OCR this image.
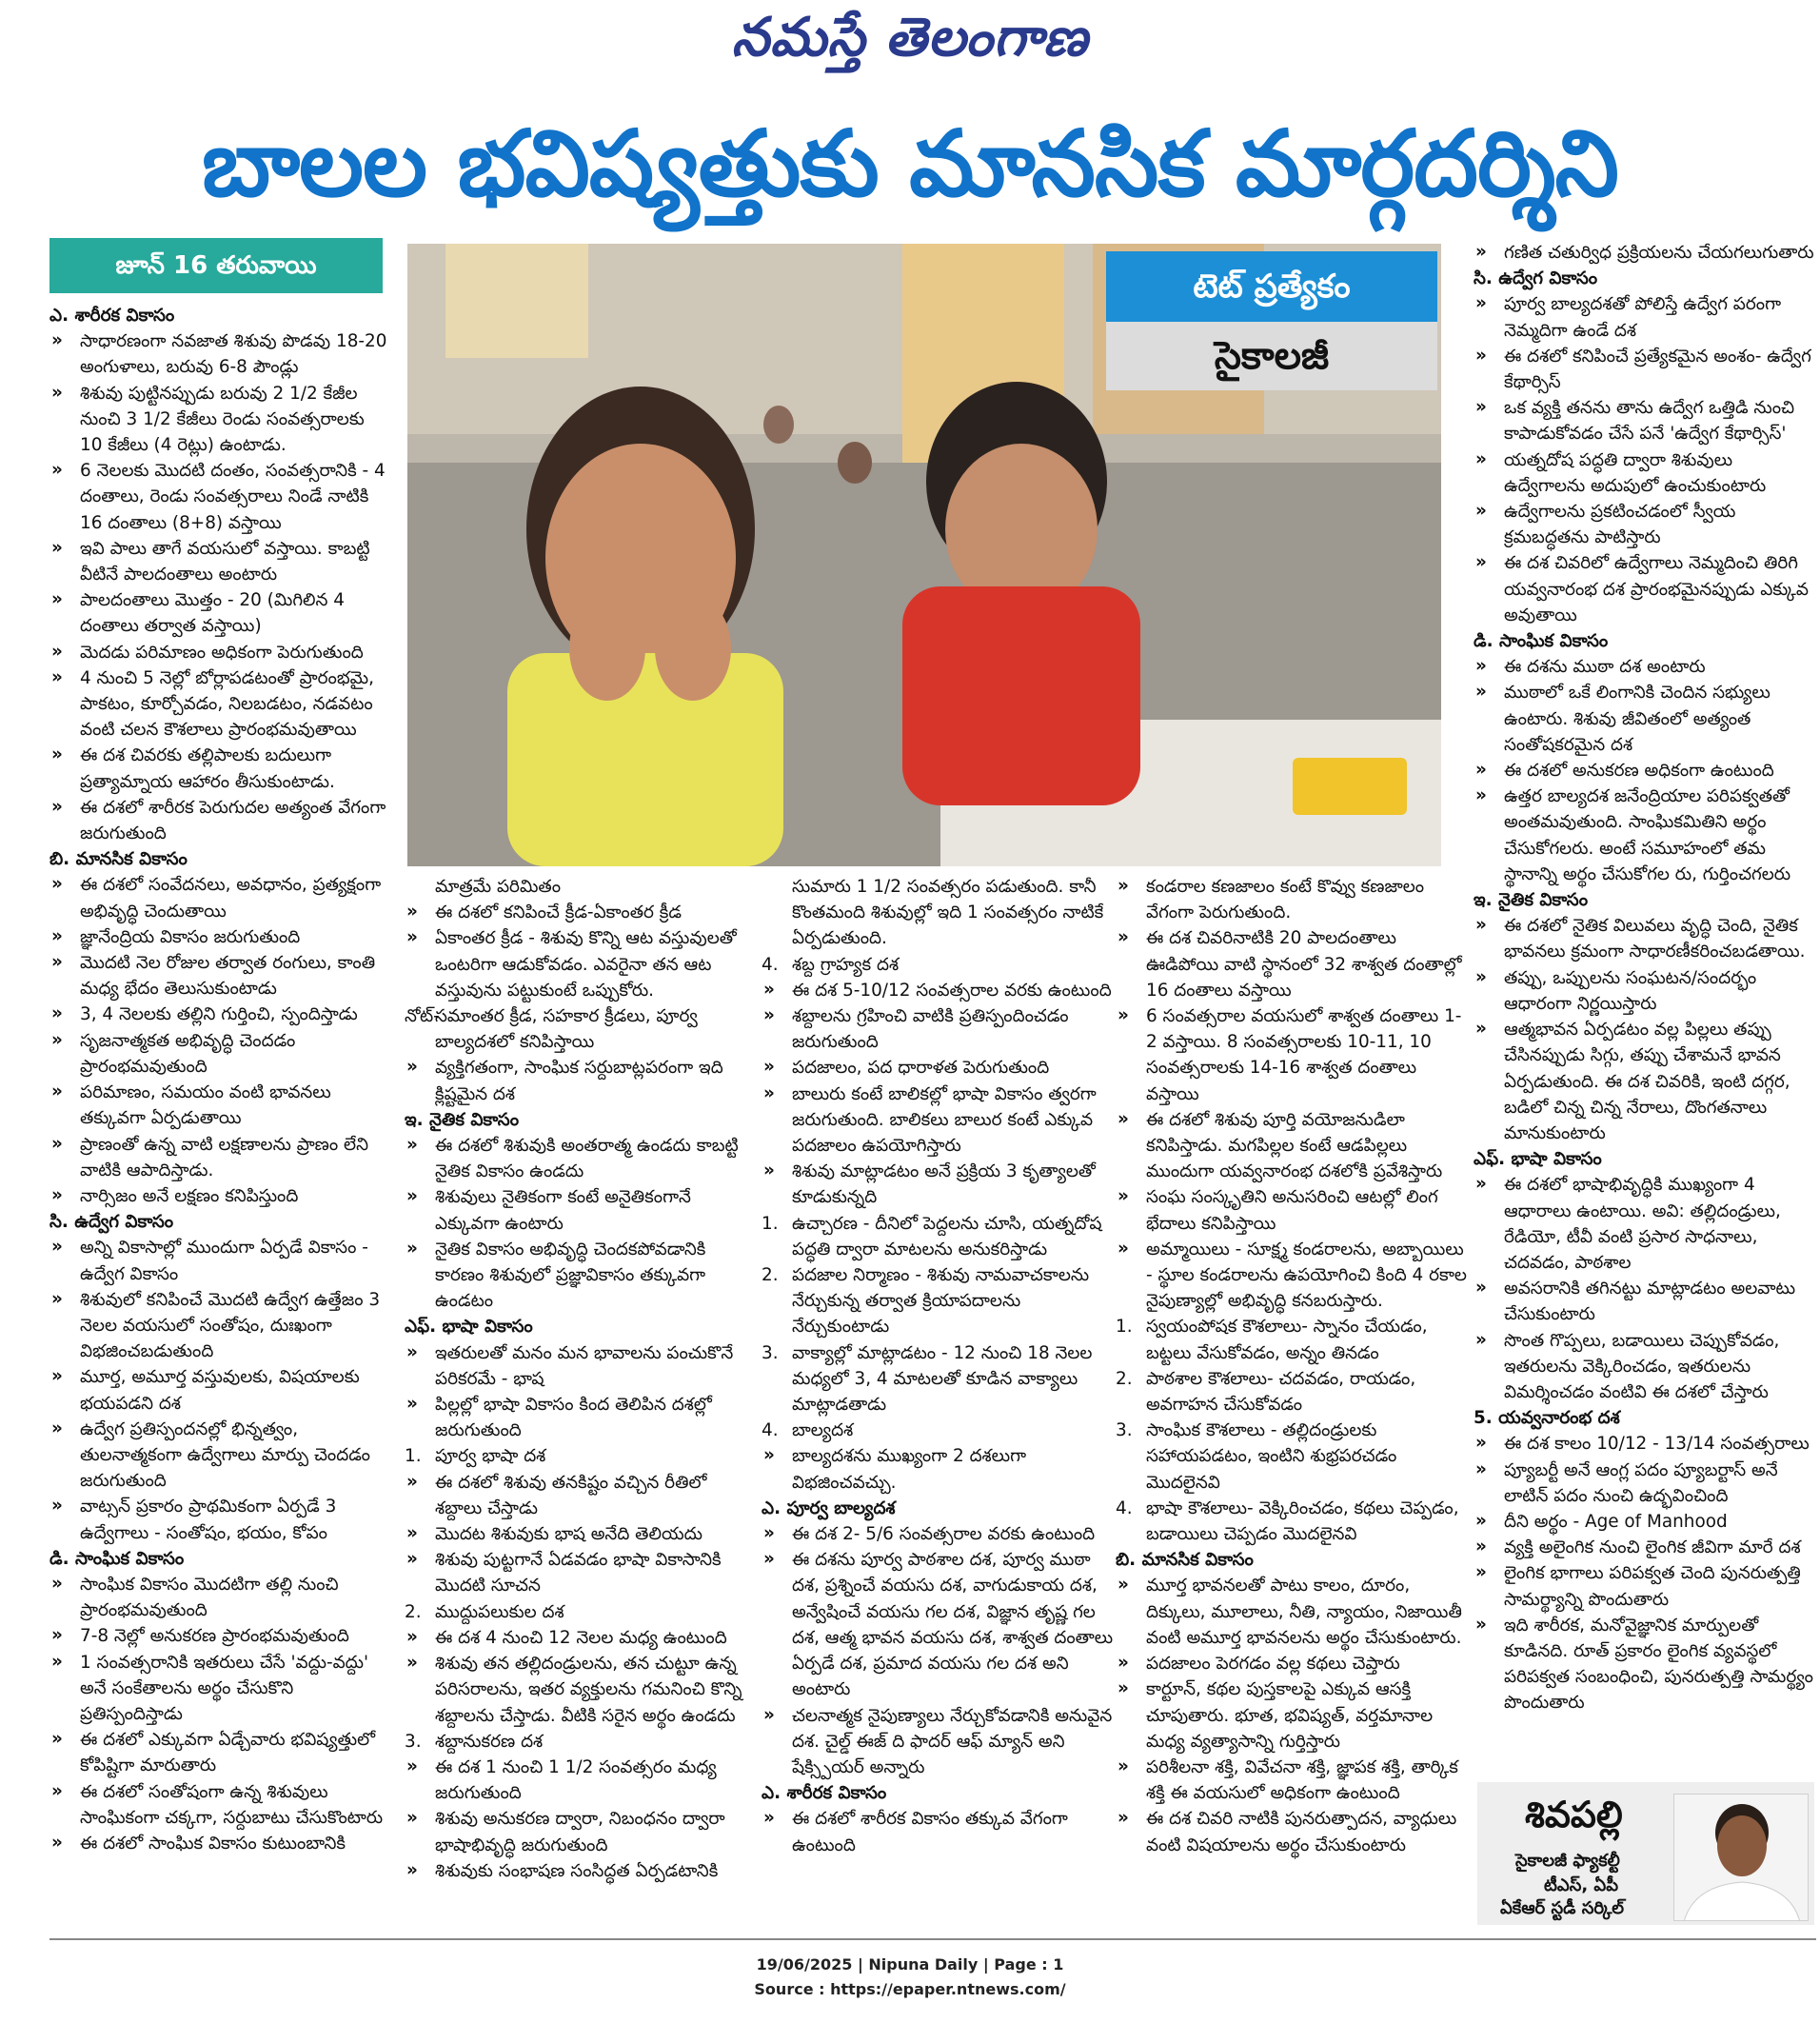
నమస్తే తెలంగాణ
బాలల భవిష్యత్తుకు మానసిక మార్గదర్శిని
జూన్ 16 తరువాయి
టెట్ ప్రత్యేకం
సైకాలజీ
ఎ. శారీరక వికాసం
» సాధారణంగా నవజాత శిశువు పొడవు 18-20 అంగుళాలు, బరువు 6-8 పౌండ్లు
» శిశువు పుట్టినప్పుడు బరువు 2 1/2 కేజీల నుంచి 3 1/2 కేజీలు రెండు సంవత్సరాలకు 10 కేజీలు (4 రెట్లు) ఉంటాడు.
» 6 నెలలకు మొదటి దంతం, సంవత్సరానికి - 4 దంతాలు, రెండు సంవత్సరాలు నిండే నాటికి 16 దంతాలు (8+8) వస్తాయి
» ఇవి పాలు తాగే వయసులో వస్తాయి. కాబట్టి వీటినే పాలదంతాలు అంటారు
» పాలదంతాలు మొత్తం - 20 (మిగిలిన 4 దంతాలు తర్వాత వస్తాయి)
» మెదడు పరిమాణం అధికంగా పెరుగుతుంది
» 4 నుంచి 5 నెల్లో బోర్లాపడటంతో ప్రారంభమై, పాకటం, కూర్చోవడం, నిలబడటం, నడవటం వంటి చలన కౌశలాలు ప్రారంభమవుతాయి
» ఈ దశ చివరకు తల్లిపాలకు బదులుగా ప్రత్యామ్నాయ ఆహారం తీసుకుంటాడు.
» ఈ దశలో శారీరక పెరుగుదల అత్యంత వేగంగా జరుగుతుంది
బి. మానసిక వికాసం
» ఈ దశలో సంవేదనలు, అవధానం, ప్రత్యక్షంగా అభివృద్ధి చెందుతాయి
» జ్ఞానేంద్రియ వికాసం జరుగుతుంది
» మొదటి నెల రోజుల తర్వాత రంగులు, కాంతి మధ్య భేదం తెలుసుకుంటాడు
» 3, 4 నెలలకు తల్లిని గుర్తించి, స్పందిస్తాడు
» సృజనాత్మకత అభివృద్ధి చెందడం ప్రారంభమవుతుంది
» పరిమాణం, సమయం వంటి భావనలు తక్కువగా ఏర్పడుతాయి
» ప్రాణంతో ఉన్న వాటి లక్షణాలను ప్రాణం లేని వాటికి ఆపాదిస్తాడు.
» నార్సిజం అనే లక్షణం కనిపిస్తుంది
సి. ఉద్వేగ వికాసం
» అన్ని వికాసాల్లో ముందుగా ఏర్పడే వికాసం - ఉద్వేగ వికాసం
» శిశువులో కనిపించే మొదటి ఉద్వేగ ఉత్తేజం 3 నెలల వయసులో సంతోషం, దుఃఖంగా విభజించబడుతుంది
» మూర్త, అమూర్త వస్తువులకు, విషయాలకు భయపడని దశ
» ఉద్వేగ ప్రతిస్పందనల్లో భిన్నత్వం, తులనాత్మకంగా ఉద్వేగాలు మార్పు చెందడం జరుగుతుంది
» వాట్సన్ ప్రకారం ప్రాథమికంగా ఏర్పడే 3 ఉద్వేగాలు - సంతోషం, భయం, కోపం
డి. సాంఘిక వికాసం
» సాంఘిక వికాసం మొదటిగా తల్లి నుంచి ప్రారంభమవుతుంది
» 7-8 నెల్లో అనుకరణ ప్రారంభమవుతుంది
» 1 సంవత్సరానికి ఇతరులు చేసే 'వద్దు-వద్దు' అనే సంకేతాలను అర్థం చేసుకొని ప్రతిస్పందిస్తాడు
» ఈ దశలో ఎక్కువగా ఏడ్చేవారు భవిష్యత్తులో కోపిష్టిగా మారుతారు
» ఈ దశలో సంతోషంగా ఉన్న శిశువులు సాంఘికంగా చక్కగా, సర్దుబాటు చేసుకొంటారు
» ఈ దశలో సాంఘిక వికాసం కుటుంబానికి
మాత్రమే పరిమితం
» ఈ దశలో కనిపించే క్రీడ-ఏకాంతర క్రీడ
» ఏకాంతర క్రీడ - శిశువు కొన్ని ఆట వస్తువులతో ఒంటరిగా ఆడుకోవడం. ఎవరైనా తన ఆట వస్తువును పట్టుకుంటే ఒప్పుకోరు.
నోట్-
సమాంతర క్రీడ, సహకార క్రీడలు, పూర్వ బాల్యదశలో కనిపిస్తాయి
» వ్యక్తిగతంగా, సాంఘిక సర్దుబాట్లపరంగా ఇది క్లిష్టమైన దశ
ఇ. నైతిక వికాసం
» ఈ దశలో శిశువుకి అంతరాత్మ ఉండదు కాబట్టి నైతిక వికాసం ఉండదు
» శిశువులు నైతికంగా కంటే అనైతికంగానే ఎక్కువగా ఉంటారు
» నైతిక వికాసం అభివృద్ధి చెందకపోవడానికి కారణం శిశువులో ప్రజ్ఞావికాసం తక్కువగా ఉండటం
ఎఫ్. భాషా వికాసం
» ఇతరులతో మనం మన భావాలను పంచుకొనే పరికరమే - భాష
» పిల్లల్లో భాషా వికాసం కింద తెలిపిన దశల్లో జరుగుతుంది
1. పూర్వ భాషా దశ
» ఈ దశలో శిశువు తనకిష్టం వచ్చిన రీతిలో శబ్దాలు చేస్తాడు
» మొదట శిశువుకు భాష అనేది తెలియదు
» శిశువు పుట్టగానే ఏడవడం భాషా వికాసానికి మొదటి సూచన
2. ముద్దుపలుకుల దశ
» ఈ దశ 4 నుంచి 12 నెలల మధ్య ఉంటుంది
» శిశువు తన తల్లిదండ్రులను, తన చుట్టూ ఉన్న పరిసరాలను, ఇతర వ్యక్తులను గమనించి కొన్ని శబ్దాలను చేస్తాడు. వీటికి సరైన అర్థం ఉండదు
3. శబ్దానుకరణ దశ
» ఈ దశ 1 నుంచి 1 1/2 సంవత్సరం మధ్య జరుగుతుంది
» శిశువు అనుకరణ ద్వారా, నిబంధనం ద్వారా భాషాభివృద్ధి జరుగుతుంది
» శిశువుకు సంభాషణ సంసిద్ధత ఏర్పడటానికి
సుమారు 1 1/2 సంవత్సరం పడుతుంది. కానీ కొంతమంది శిశువుల్లో ఇది 1 సంవత్సరం నాటికే ఏర్పడుతుంది.
4. శబ్ద గ్రాహ్యక దశ
» ఈ దశ 5-10/12 సంవత్సరాల వరకు ఉంటుంది
» శబ్దాలను గ్రహించి వాటికి ప్రతిస్పందించడం జరుగుతుంది
» పదజాలం, పద ధారాళత పెరుగుతుంది
» బాలురు కంటే బాలికల్లో భాషా వికాసం త్వరగా జరుగుతుంది. బాలికలు బాలుర కంటే ఎక్కువ పదజాలం ఉపయోగిస్తారు
» శిశువు మాట్లాడటం అనే ప్రక్రియ 3 కృత్యాలతో కూడుకున్నది
1. ఉచ్చారణ - దీనిలో పెద్దలను చూసి, యత్నదోష పద్ధతి ద్వారా మాటలను అనుకరిస్తాడు
2. పదజాల నిర్మాణం - శిశువు నామవాచకాలను నేర్చుకున్న తర్వాత క్రియాపదాలను నేర్చుకుంటాడు
3. వాక్యాల్లో మాట్లాడటం - 12 నుంచి 18 నెలల మధ్యలో 3, 4 మాటలతో కూడిన వాక్యాలు మాట్లాడతాడు
4. బాల్యదశ
» బాల్యదశను ముఖ్యంగా 2 దశలుగా విభజించవచ్చు.
ఎ. పూర్వ బాల్యదశ
» ఈ దశ 2- 5/6 సంవత్సరాల వరకు ఉంటుంది
» ఈ దశను పూర్వ పాఠశాల దశ, పూర్వ ముఠా దశ, ప్రశ్నించే వయసు దశ, వాగుడుకాయ దశ, అన్వేషించే వయసు గల దశ, విజ్ఞాన తృష్ణ గల దశ, ఆత్మ భావన వయసు దశ, శాశ్వత దంతాలు ఏర్పడే దశ, ప్రమాద వయసు గల దశ అని అంటారు
» చలనాత్మక నైపుణ్యాలు నేర్చుకోవడానికి అనువైన దశ. చైల్డ్ ఈజ్ ది ఫాదర్ ఆఫ్ మ్యాన్ అని షేక్స్పియర్ అన్నారు
ఎ. శారీరక వికాసం
» ఈ దశలో శారీరక వికాసం తక్కువ వేగంగా ఉంటుంది
» కండరాల కణజాలం కంటే కొవ్వు కణజాలం వేగంగా పెరుగుతుంది.
» ఈ దశ చివరినాటికి 20 పాలదంతాలు ఊడిపోయి వాటి స్థానంలో 32 శాశ్వత దంతాల్లో 16 దంతాలు వస్తాయి
» 6 సంవత్సరాల వయసులో శాశ్వత దంతాలు 1-2 వస్తాయి. 8 సంవత్సరాలకు 10-11, 10 సంవత్సరాలకు 14-16 శాశ్వత దంతాలు వస్తాయి
» ఈ దశలో శిశువు పూర్తి వయోజనుడిలా కనిపిస్తాడు. మగపిల్లల కంటే ఆడపిల్లలు ముందుగా యవ్వనారంభ దశలోకి ప్రవేశిస్తారు
» సంఘ సంస్కృతిని అనుసరించి ఆటల్లో లింగ భేదాలు కనిపిస్తాయి
» అమ్మాయిలు - సూక్ష్మ కండరాలను, అబ్బాయిలు - స్థూల కండరాలను ఉపయోగించి కింది 4 రకాల నైపుణ్యాల్లో అభివృద్ధి కనబరుస్తారు.
1. స్వయంపోషక కౌశలాలు- స్నానం చేయడం, బట్టలు వేసుకోవడం, అన్నం తినడం
2. పాఠశాల కౌశలాలు- చదవడం, రాయడం, అవగాహన చేసుకోవడం
3. సాంఘిక కౌశలాలు - తల్లిదండ్రులకు సహాయపడటం, ఇంటిని శుభ్రపరచడం మొదలైనవి
4. భాషా కౌశలాలు- వెక్కిరించడం, కథలు చెప్పడం, బడాయిలు చెప్పడం మొదలైనవి
బి. మానసిక వికాసం
» మూర్త భావనలతో పాటు కాలం, దూరం, దిక్కులు, మూలాలు, నీతి, న్యాయం, నిజాయితీ వంటి అమూర్త భావనలను అర్థం చేసుకుంటారు.
» పదజాలం పెరగడం వల్ల కథలు చెప్తారు
» కార్టూన్, కథల పుస్తకాలపై ఎక్కువ ఆసక్తి చూపుతారు. భూత, భవిష్యత్, వర్తమానాల మధ్య వ్యత్యాసాన్ని గుర్తిస్తారు
» పరిశీలనా శక్తి, వివేచనా శక్తి, జ్ఞాపక శక్తి, తార్కిక శక్తి ఈ వయసులో అధికంగా ఉంటుంది
» ఈ దశ చివరి నాటికి పునరుత్పాదన, వ్యాధులు వంటి విషయాలను అర్థం చేసుకుంటారు
» గణిత చతుర్విధ ప్రక్రియలను చేయగలుగుతారు
సి. ఉద్వేగ వికాసం
» పూర్వ బాల్యదశతో పోలిస్తే ఉద్వేగ పరంగా నెమ్మదిగా ఉండే దశ
» ఈ దశలో కనిపించే ప్రత్యేకమైన అంశం- ఉద్వేగ కేథార్సిస్
» ఒక వ్యక్తి తనను తాను ఉద్వేగ ఒత్తిడి నుంచి కాపాడుకోవడం చేసే పనే 'ఉద్వేగ కేథార్సిస్'
» యత్నదోష పద్ధతి ద్వారా శిశువులు ఉద్వేగాలను అదుపులో ఉంచుకుంటారు
» ఉద్వేగాలను ప్రకటించడంలో స్వీయ క్రమబద్ధతను పాటిస్తారు
» ఈ దశ చివరిలో ఉద్వేగాలు నెమ్మదించి తిరిగి యవ్వనారంభ దశ ప్రారంభమైనప్పుడు ఎక్కువ అవుతాయి
డి. సాంఘిక వికాసం
» ఈ దశను ముఠా దశ అంటారు
» ముఠాలో ఒకే లింగానికి చెందిన సభ్యులు ఉంటారు. శిశువు జీవితంలో అత్యంత సంతోషకరమైన దశ
» ఈ దశలో అనుకరణ అధికంగా ఉంటుంది
» ఉత్తర బాల్యదశ జనేంద్రియాల పరిపక్వతతో అంతమవుతుంది. సాంఘికమితిని అర్థం చేసుకోగలరు. అంటే సమూహంలో తమ స్థానాన్ని అర్థం చేసుకోగల రు, గుర్తించగలరు
ఇ. నైతిక వికాసం
» ఈ దశలో నైతిక విలువలు వృద్ధి చెంది, నైతిక భావనలు క్రమంగా సాధారణీకరించబడతాయి.
» తప్పు, ఒప్పులను సంఘటన/సందర్భం ఆధారంగా నిర్ణయిస్తారు
» ఆత్మభావన ఏర్పడటం వల్ల పిల్లలు తప్పు చేసినప్పుడు సిగ్గు, తప్పు చేశామనే భావన ఏర్పడుతుంది. ఈ దశ చివరికి, ఇంటి దగ్గర, బడిలో చిన్న చిన్న నేరాలు, దొంగతనాలు మానుకుంటారు
ఎఫ్. భాషా వికాసం
» ఈ దశలో భాషాభివృద్ధికి ముఖ్యంగా 4 ఆధారాలు ఉంటాయి. అవి: తల్లిదండ్రులు, రేడియో, టీవీ వంటి ప్రసార సాధనాలు, చదవడం, పాఠశాల
» అవసరానికి తగినట్టు మాట్లాడటం అలవాటు చేసుకుంటారు
» సొంత గొప్పలు, బడాయిలు చెప్పుకోవడం, ఇతరులను వెక్కిరించడం, ఇతరులను విమర్శించడం వంటివి ఈ దశలో చేస్తారు
5. యవ్వనారంభ దశ
» ఈ దశ కాలం 10/12 - 13/14 సంవత్సరాలు
» ప్యూబర్టీ అనే ఆంగ్ల పదం ప్యూబర్టాస్ అనే లాటిన్ పదం నుంచి ఉద్భవించింది
» దీని అర్థం - Age of Manhood
» వ్యక్తి అలైంగిక నుంచి లైంగిక జీవిగా మారే దశ
» లైంగిక భాగాలు పరిపక్వత చెంది పునరుత్పత్తి సామర్థ్యాన్ని పొందుతారు
» ఇది శారీరక, మనోవైజ్ఞానిక మార్పులతో కూడినది. రూత్ ప్రకారం లైంగిక వ్యవస్థలో పరిపక్వత సంబంధించి, పునరుత్పత్తి సామర్థ్యం పొందుతారు
శివపల్లి
సైకాలజీ ఫ్యాకల్టీ
టీఎస్, ఏపీ
ఏకేఆర్ స్టడీ సర్కిల్
19/06/2025 | Nipuna Daily | Page : 1
Source : https://epaper.ntnews.com/
